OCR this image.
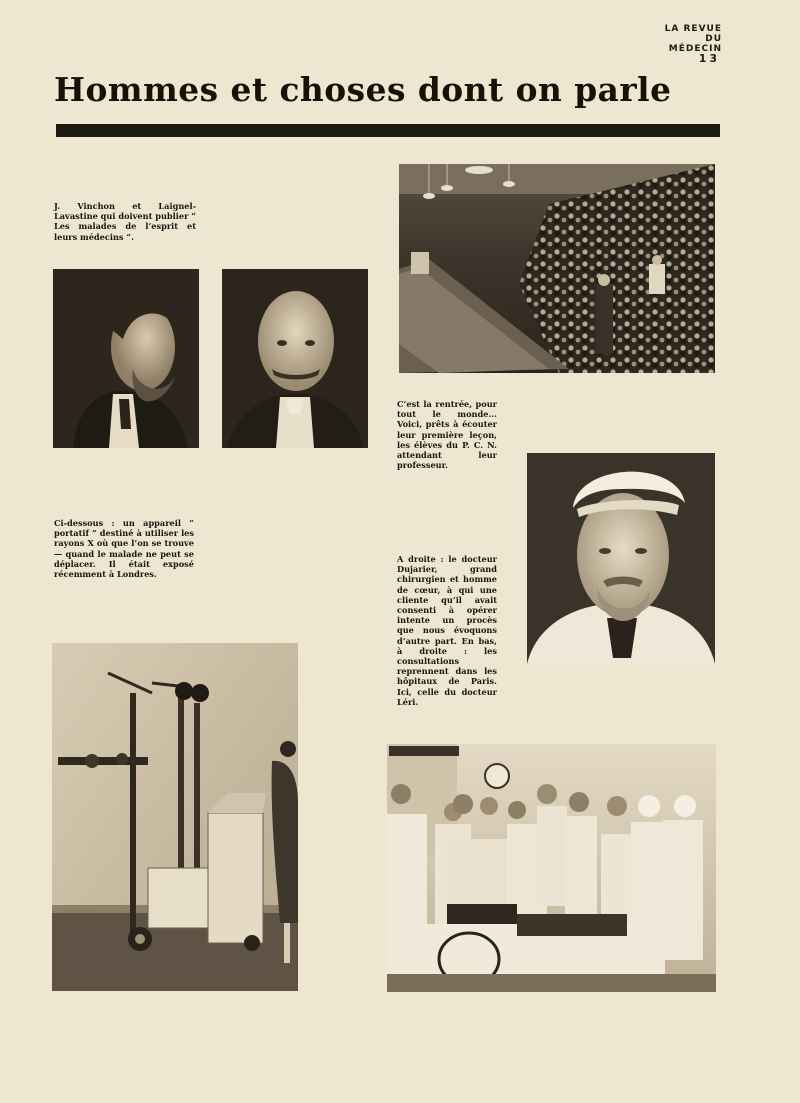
LA REVUE
DU
MÉDECIN
13
Hommes et choses dont on parle
J. Vinchon et Laignel-Lavastine qui doivent publier “ Les malades de l’esprit et leurs médecins ”.
C’est la rentrée, pour tout le monde... Voici, prêts à écouter leur première leçon, les élèves du P. C. N. attendant leur professeur.
Ci-dessous : un appareil “ portatif ” destiné à utiliser les rayons X où que l’on se trouve — quand le malade ne peut se déplacer. Il était exposé récemment à Londres.
A droite : le docteur Dujarier, grand chirurgien et homme de cœur, à qui une cliente qu’il avait consenti à opérer intente un procès que nous évoquons d’autre part. En bas, à droite : les consultations reprennent dans les hôpitaux de Paris. Ici, celle du docteur Léri.
